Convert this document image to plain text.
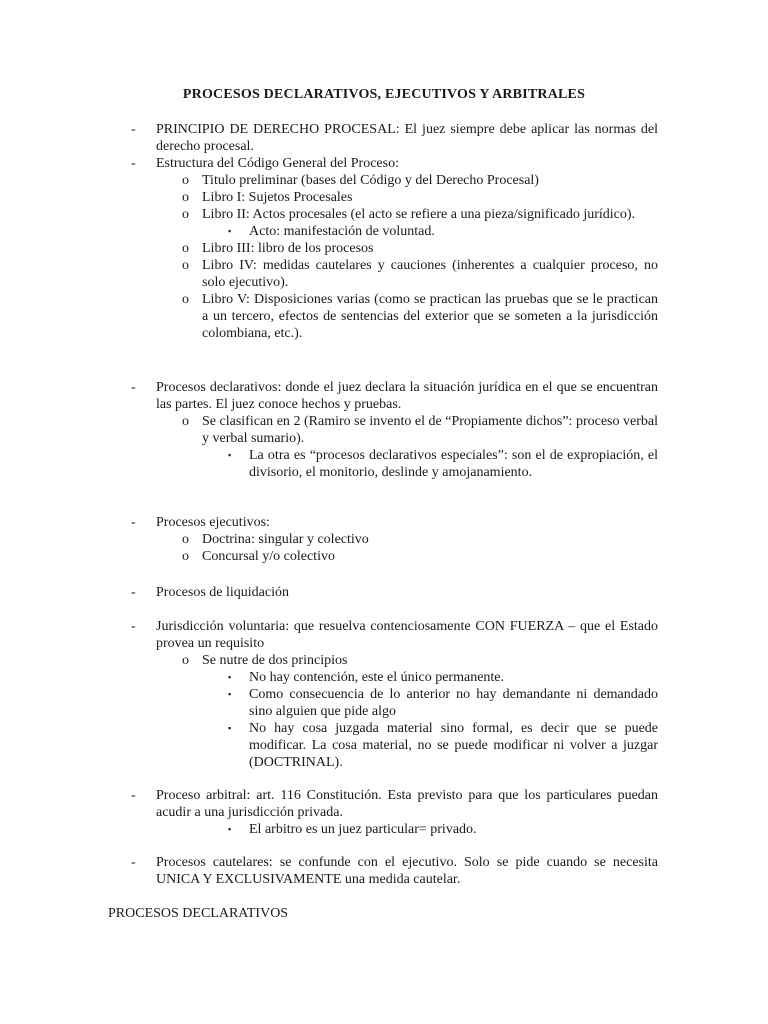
PROCESOS DECLARATIVOS, EJECUTIVOS Y ARBITRALES
- PRINCIPIO DE DERECHO PROCESAL: El juez siempre debe aplicar las normas del derecho procesal.
- Estructura del Código General del Proceso:
o Titulo preliminar (bases del Código y del Derecho Procesal)
o Libro I: Sujetos Procesales
o Libro II: Actos procesales (el acto se refiere a una pieza/significado jurídico).
▪ Acto: manifestación de voluntad.
o Libro III: libro de los procesos
o Libro IV: medidas cautelares y cauciones (inherentes a cualquier proceso, no solo ejecutivo).
o Libro V: Disposiciones varias (como se practican las pruebas que se le practican a un tercero, efectos de sentencias del exterior que se someten a la jurisdicción colombiana, etc.).
- Procesos declarativos: donde el juez declara la situación jurídica en el que se encuentran las partes. El juez conoce hechos y pruebas.
o Se clasifican en 2 (Ramiro se invento el de “Propiamente dichos”: proceso verbal y verbal sumario).
▪ La otra es “procesos declarativos especiales”: son el de expropiación, el divisorio, el monitorio, deslinde y amojanamiento.
- Procesos ejecutivos:
o Doctrina: singular y colectivo
o Concursal y/o colectivo
- Procesos de liquidación
- Jurisdicción voluntaria: que resuelva contenciosamente CON FUERZA – que el Estado provea un requisito
o Se nutre de dos principios
▪ No hay contención, este el único permanente.
▪ Como consecuencia de lo anterior no hay demandante ni demandado sino alguien que pide algo
▪ No hay cosa juzgada material sino formal, es decir que se puede modificar. La cosa material, no se puede modificar ni volver a juzgar (DOCTRINAL).
- Proceso arbitral: art. 116 Constitución. Esta previsto para que los particulares puedan acudir a una jurisdicción privada.
▪ El arbitro es un juez particular= privado.
- Procesos cautelares: se confunde con el ejecutivo. Solo se pide cuando se necesita UNICA Y EXCLUSIVAMENTE una medida cautelar.
PROCESOS DECLARATIVOS
